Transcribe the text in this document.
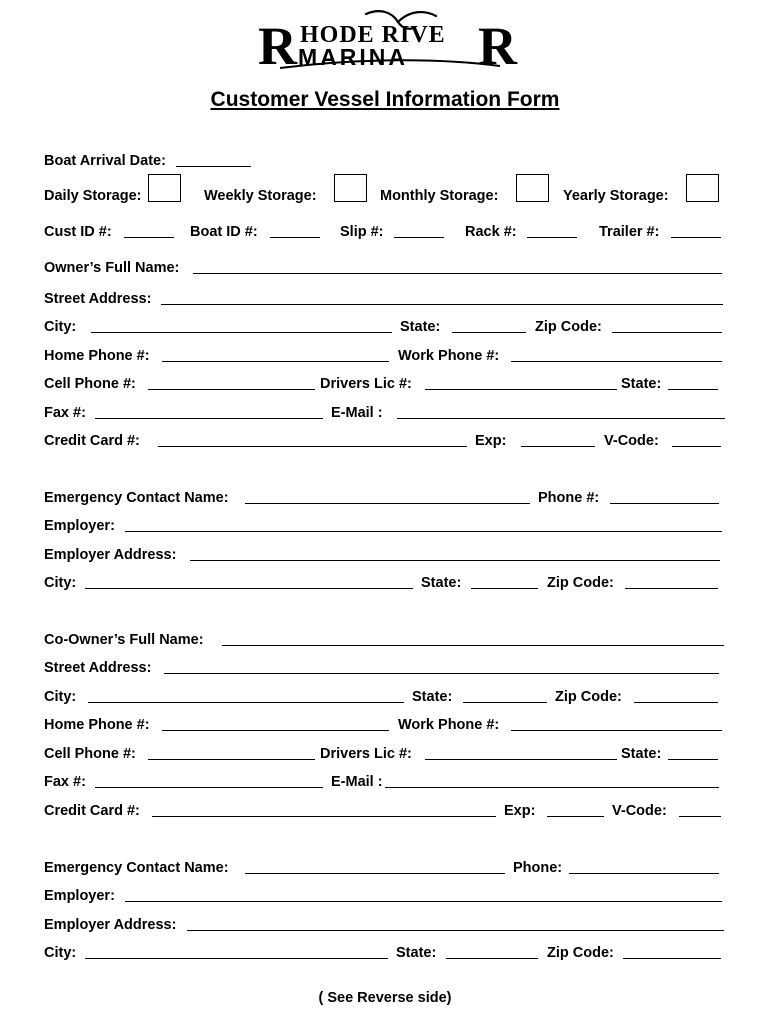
R HODE RIVE
MARINA R
Customer Vessel Information Form
Boat Arrival Date:
Daily Storage:	Weekly Storage:	Monthly Storage:	Yearly Storage:
Cust ID #:	Boat ID #:	Slip #:	Rack #:	Trailer #:
Owner’s Full Name:
Street Address:
City:	State:	Zip Code:
Home Phone #:	Work Phone #:
Cell Phone #:	Drivers Lic #:	State:
Fax #:	E-Mail :
Credit Card #:	Exp:	V-Code:
Emergency Contact Name:	Phone #:
Employer:
Employer Address:
City:	State:	Zip Code:
Co-Owner’s Full Name:
Street Address:
City:	State:	Zip Code:
Home Phone #:	Work Phone #:
Cell Phone #:	Drivers Lic #:	State:
Fax #:	E-Mail :
Credit Card #:	Exp:	V-Code:
Emergency Contact Name:	Phone:
Employer:
Employer Address:
City:	State:	Zip Code:
( See Reverse side)
